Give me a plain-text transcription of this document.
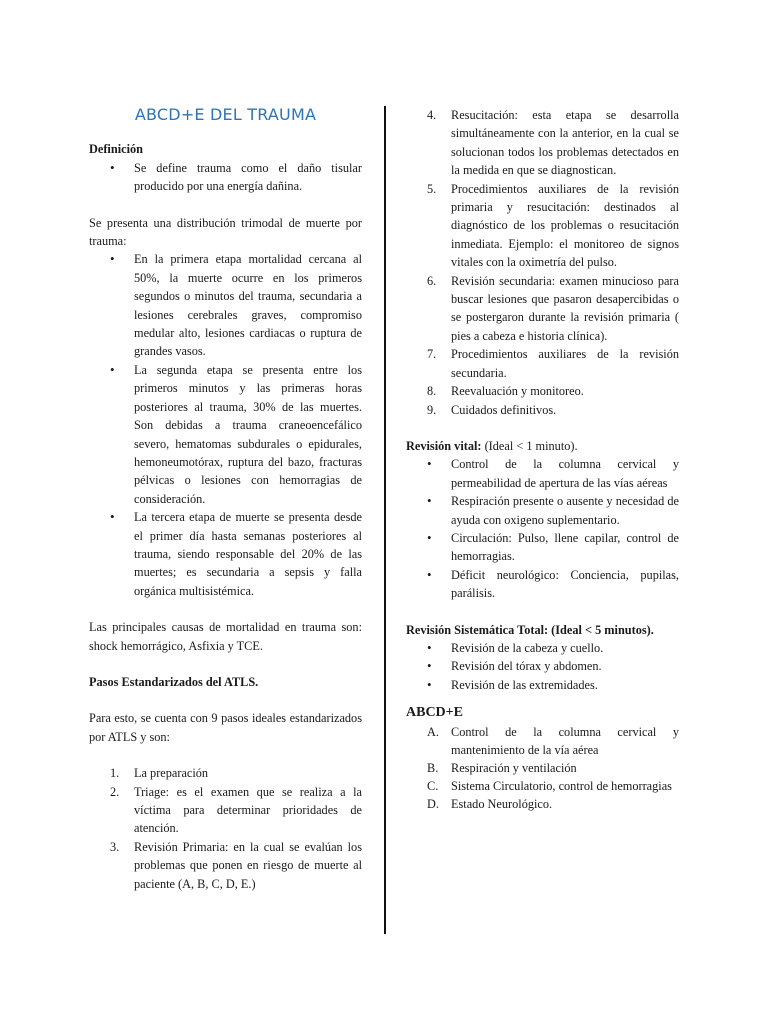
ABCD+E DEL TRAUMA
Definición
• Se define trauma como el daño tisular producido por una energía dañina.

Se presenta una distribución trimodal de muerte por trauma:

• En la primera etapa mortalidad cercana al 50%, la muerte ocurre en los primeros segundos o minutos del trauma, secundaria a lesiones cerebrales graves, compromiso medular alto, lesiones cardiacas o ruptura de grandes vasos.
• La segunda etapa se presenta entre los primeros minutos y las primeras horas posteriores al trauma, 30% de las muertes. Son debidas a trauma craneoencefálico severo, hematomas subdurales o epidurales, hemoneumotórax, ruptura del bazo, fracturas pélvicas o lesiones con hemorragias de consideración.
• La tercera etapa de muerte se presenta desde el primer día hasta semanas posteriores al trauma, siendo responsable del 20% de las muertes; es secundaria a sepsis y falla orgánica multisistémica.

Las principales causas de mortalidad en trauma son: shock hemorrágico, Asfixia y TCE.

Pasos Estandarizados del ATLS.

Para esto, se cuenta con 9 pasos ideales estandarizados por ATLS y son:

1. La preparación
2. Triage: es el examen que se realiza a la víctima para determinar prioridades de atención.
3. Revisión Primaria: en la cual se evalúan los problemas que ponen en riesgo de muerte al paciente (A, B, C, D, E.)
4. Resucitación: esta etapa se desarrolla simultáneamente con la anterior, en la cual se solucionan todos los problemas detectados en la medida en que se diagnostican.
5. Procedimientos auxiliares de la revisión primaria y resucitación: destinados al diagnóstico de los problemas o resucitación inmediata. Ejemplo: el monitoreo de signos vitales con la oximetría del pulso.
6. Revisión secundaria: examen minucioso para buscar lesiones que pasaron desapercibidas o se postergaron durante la revisión primaria ( pies a cabeza e historia clínica).
7. Procedimientos auxiliares de la revisión secundaria.
8. Reevaluación y monitoreo.
9. Cuidados definitivos.

Revisión vital: (Ideal < 1 minuto).

• Control de la columna cervical y permeabilidad de apertura de las vías aéreas
• Respiración presente o ausente y necesidad de ayuda con oxigeno suplementario.
• Circulación: Pulso, llene capilar, control de hemorragias.
• Déficit neurológico: Conciencia, pupilas, parálisis.

Revisión Sistemática Total: (Ideal < 5 minutos).

• Revisión de la cabeza y cuello.
• Revisión del tórax y abdomen.
• Revisión de las extremidades.
ABCD+E
A. Control de la columna cervical y mantenimiento de la vía aérea
B. Respiración y ventilación
C. Sistema Circulatorio, control de hemorragias
D. Estado Neurológico.
